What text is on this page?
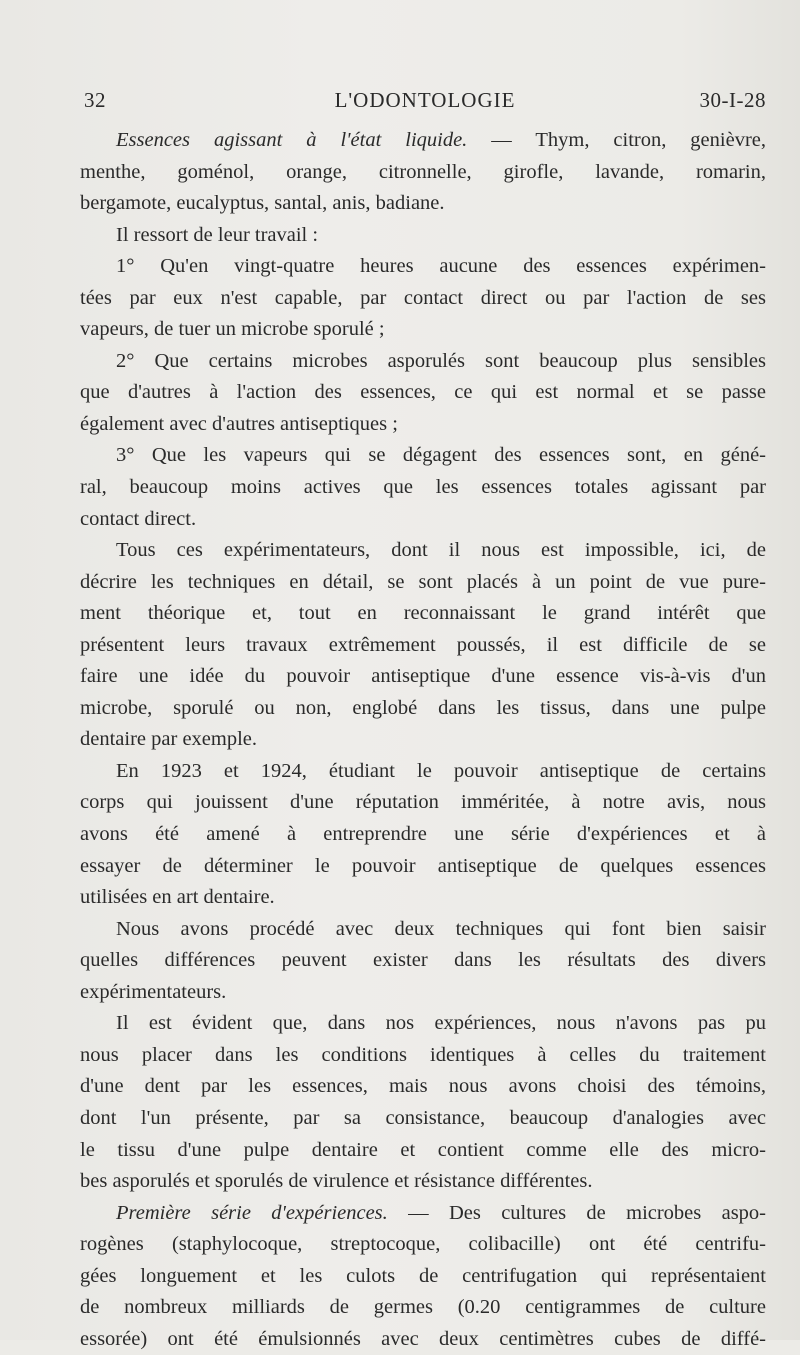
32	L'ODONTOLOGIE	30-I-28
Essences agissant à l'état liquide. — Thym, citron, genièvre,
menthe, goménol, orange, citronnelle, girofle, lavande, romarin,
bergamote, eucalyptus, santal, anis, badiane.
Il ressort de leur travail :
1° Qu'en vingt-quatre heures aucune des essences expérimen-
tées par eux n'est capable, par contact direct ou par l'action de ses
vapeurs, de tuer un microbe sporulé ;
2° Que certains microbes asporulés sont beaucoup plus sensibles
que d'autres à l'action des essences, ce qui est normal et se passe
également avec d'autres antiseptiques ;
3° Que les vapeurs qui se dégagent des essences sont, en géné-
ral, beaucoup moins actives que les essences totales agissant par
contact direct.
Tous ces expérimentateurs, dont il nous est impossible, ici, de
décrire les techniques en détail, se sont placés à un point de vue pure-
ment théorique et, tout en reconnaissant le grand intérêt que
présentent leurs travaux extrêmement poussés, il est difficile de se
faire une idée du pouvoir antiseptique d'une essence vis-à-vis d'un
microbe, sporulé ou non, englobé dans les tissus, dans une pulpe
dentaire par exemple.
En 1923 et 1924, étudiant le pouvoir antiseptique de certains
corps qui jouissent d'une réputation imméritée, à notre avis, nous
avons été amené à entreprendre une série d'expériences et à
essayer de déterminer le pouvoir antiseptique de quelques essences
utilisées en art dentaire.
Nous avons procédé avec deux techniques qui font bien saisir
quelles différences peuvent exister dans les résultats des divers
expérimentateurs.
Il est évident que, dans nos expériences, nous n'avons pas pu
nous placer dans les conditions identiques à celles du traitement
d'une dent par les essences, mais nous avons choisi des témoins,
dont l'un présente, par sa consistance, beaucoup d'analogies avec
le tissu d'une pulpe dentaire et contient comme elle des micro-
bes asporulés et sporulés de virulence et résistance différentes.
Première série d'expériences. — Des cultures de microbes aspo-
rogènes (staphylocoque, streptocoque, colibacille) ont été centrifu-
gées longuement et les culots de centrifugation qui représentaient
de nombreux milliards de germes (0.20 centigrammes de culture
essorée) ont été émulsionnés avec deux centimètres cubes de diffé-
